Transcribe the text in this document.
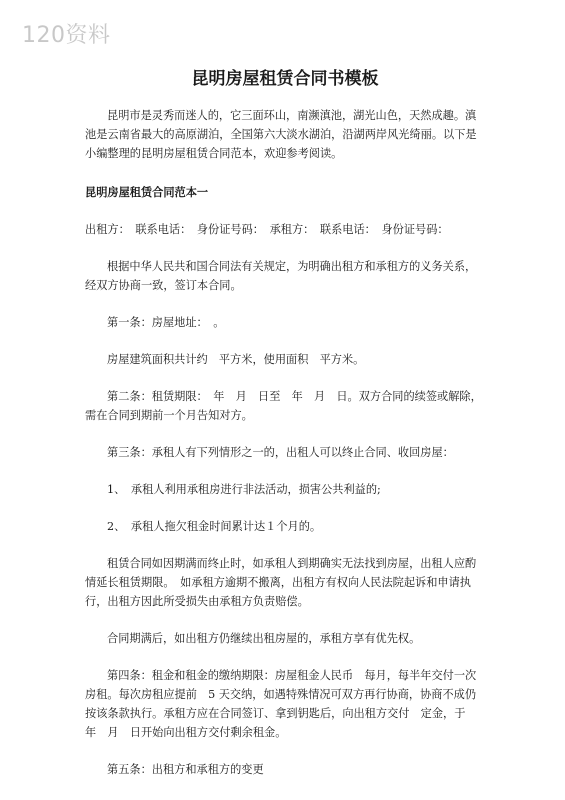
120资料
昆明房屋租赁合同书模板

昆明市是灵秀而迷人的，它三面环山，南濒滇池，湖光山色，天然成趣。滇池是云南省最大的高原湖泊，全国第六大淡水湖泊，沿湖两岸风光绮丽。以下是小编整理的昆明房屋租赁合同范本，欢迎参考阅读。

昆明房屋租赁合同范本一

出租方：　联系电话：　身份证号码：　承租方：　联系电话：　身份证号码：

根据中华人民共和国合同法有关规定，为明确出租方和承租方的义务关系，经双方协商一致，签订本合同。

第一条：房屋地址：　。

房屋建筑面积共计约　平方米，使用面积　平方米。

第二条：租赁期限：　年　月　日至　年　月　日。双方合同的续签或解除，需在合同到期前一个月告知对方。

第三条：承租人有下列情形之一的，出租人可以终止合同、收回房屋：

1、　承租人利用承租房进行非法活动，损害公共利益的;

2、　承租人拖欠租金时间累计达１个月的。

租赁合同如因期满而终止时，如承租人到期确实无法找到房屋，出租人应酌情延长租赁期限。　如承租方逾期不搬离，出租方有权向人民法院起诉和申请执行，出租方因此所受损失由承租方负责赔偿。

合同期满后，如出租方仍继续出租房屋的，承租方享有优先权。

第四条：租金和租金的缴纳期限：房屋租金人民币　每月，每半年交付一次房租。每次房租应提前　5 天交纳，如遇特殊情况可双方再行协商，协商不成仍按该条款执行。承租方应在合同签订、拿到钥匙后，向出租方交付　定金，于　年　月　日开始向出租方交付剩余租金。

第五条：出租方和承租方的变更
